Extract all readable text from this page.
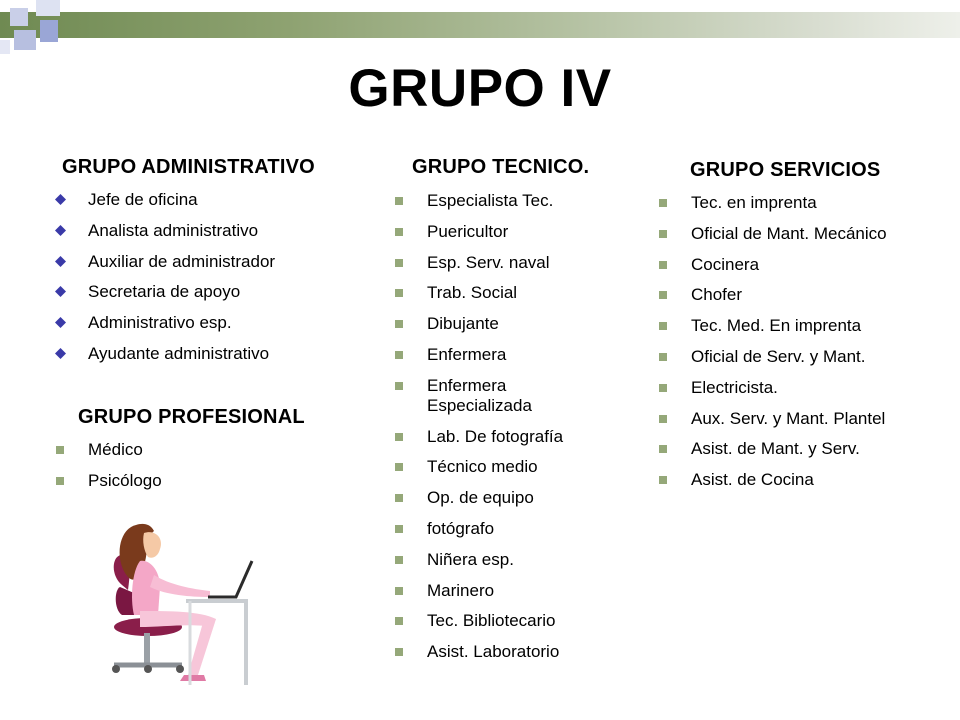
GRUPO IV
GRUPO ADMINISTRATIVO
Jefe de oficina
Analista administrativo
Auxiliar de administrador
Secretaria de apoyo
Administrativo esp.
Ayudante administrativo
GRUPO PROFESIONAL
Médico
Psicólogo
GRUPO TECNICO.
Especialista Tec.
Puericultor
Esp. Serv. naval
Trab. Social
Dibujante
Enfermera
Enfermera Especializada
Lab. De fotografía
Técnico medio
Op. de equipo
fotógrafo
Niñera esp.
Marinero
Tec. Bibliotecario
Asist. Laboratorio
GRUPO SERVICIOS
Tec. en imprenta
Oficial de Mant. Mecánico
Cocinera
Chofer
Tec. Med. En imprenta
Oficial de Serv. y Mant.
Electricista.
Aux. Serv. y Mant. Plantel
Asist. de Mant. y Serv.
Asist. de Cocina
